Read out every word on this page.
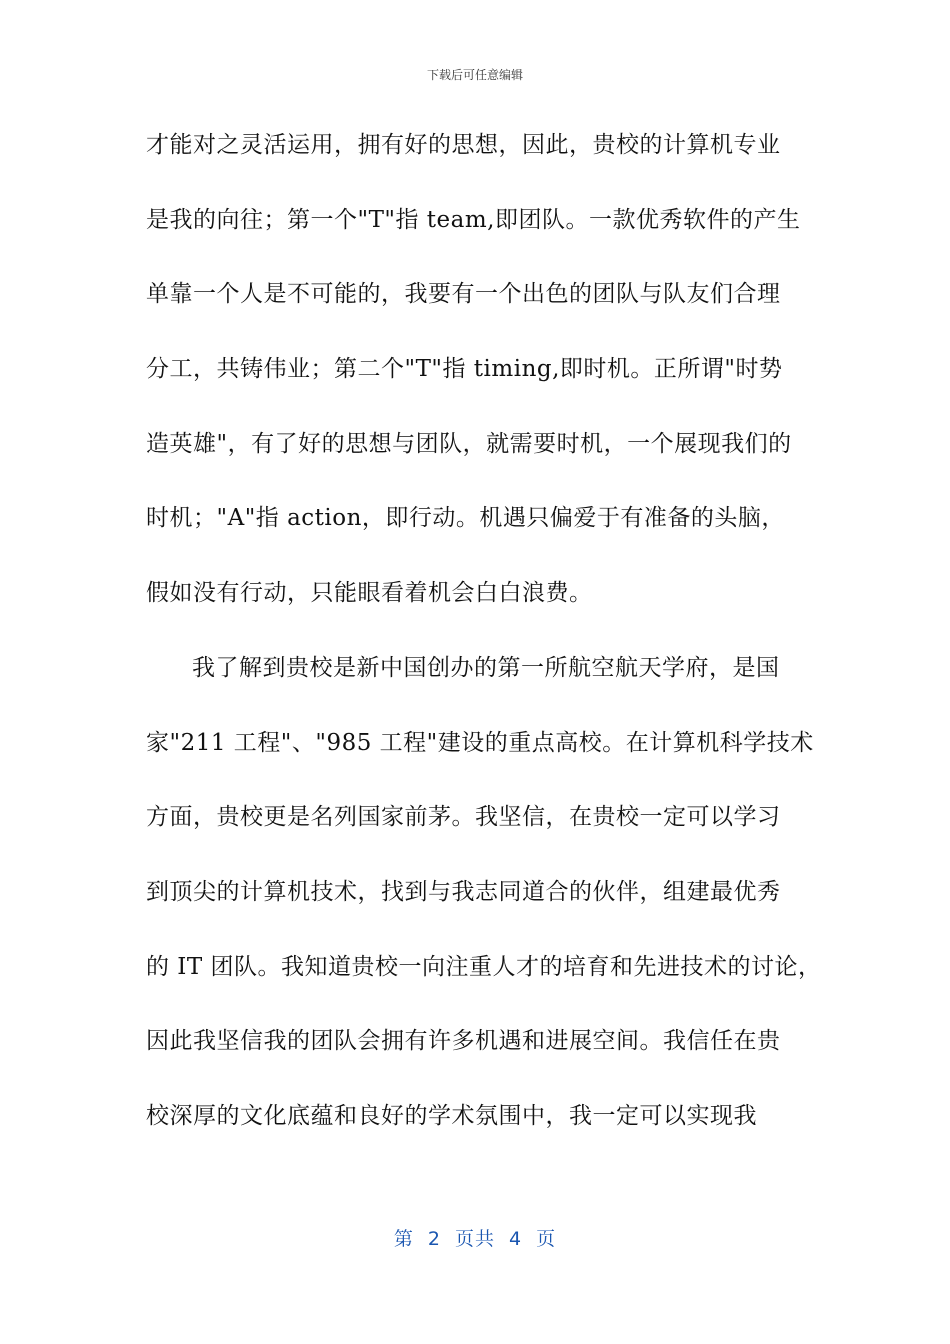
下载后可任意编辑
才能对之灵活运用，拥有好的思想，因此，贵校的计算机专业
是我的向往；第一个"T"指 team,即团队。一款优秀软件的产生
单靠一个人是不可能的，我要有一个出色的团队与队友们合理
分工，共铸伟业；第二个"T"指 timing,即时机。正所谓"时势
造英雄"，有了好的思想与团队，就需要时机，一个展现我们的
时机；"A"指 action，即行动。机遇只偏爱于有准备的头脑，
假如没有行动，只能眼看着机会白白浪费。
我了解到贵校是新中国创办的第一所航空航天学府，是国
家"211 工程"、"985 工程"建设的重点高校。在计算机科学技术
方面，贵校更是名列国家前茅。我坚信，在贵校一定可以学习
到顶尖的计算机技术，找到与我志同道合的伙伴，组建最优秀
的 IT 团队。我知道贵校一向注重人才的培育和先进技术的讨论，
因此我坚信我的团队会拥有许多机遇和进展空间。我信任在贵
校深厚的文化底蕴和良好的学术氛围中，我一定可以实现我
第 2 页共 4 页
